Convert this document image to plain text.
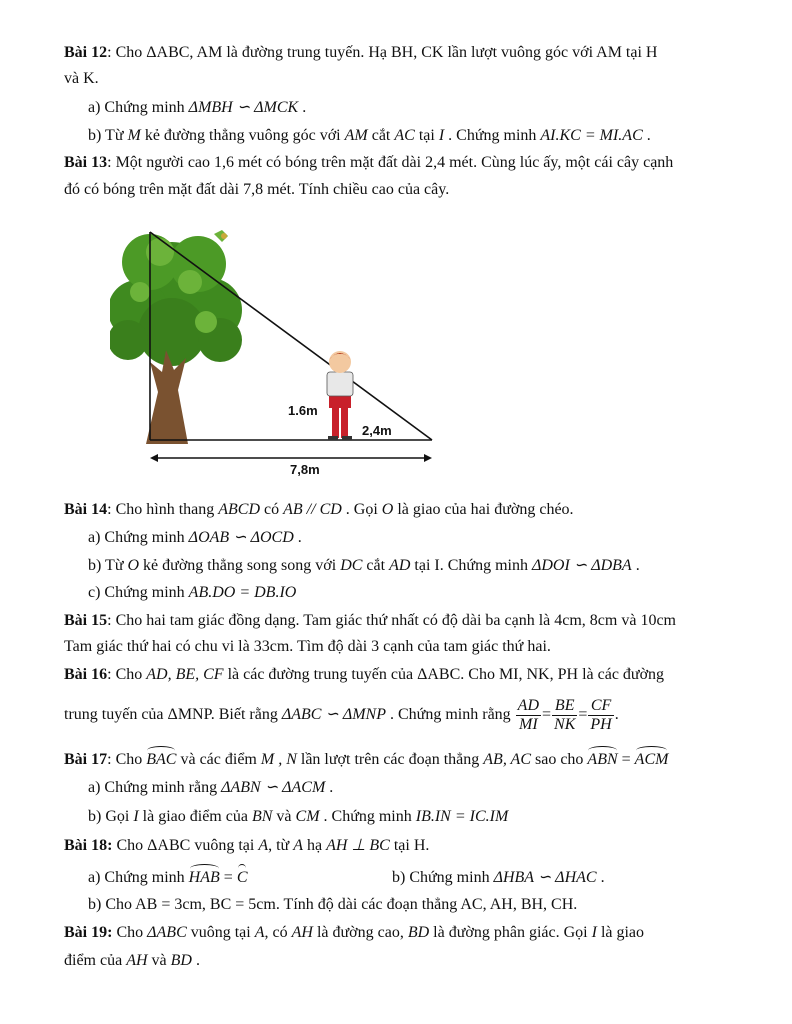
Bài 12: Cho ΔABC, AM là đường trung tuyến. Hạ BH, CK lần lượt vuông góc với AM tại H
và K.
a) Chứng minh ΔMBH ∽ ΔMCK .
b) Từ M kẻ đường thẳng vuông góc với AM cắt AC tại I . Chứng minh AI.KC = MI.AC .
Bài 13: Một người cao 1,6 mét có bóng trên mặt đất dài 2,4 mét. Cùng lúc ấy, một cái cây cạnh
đó có bóng trên mặt đất dài 7,8 mét. Tính chiều cao của cây.
1.6m
2,4m
7,8m
Bài 14: Cho hình thang ABCD có AB // CD . Gọi O là giao của hai đường chéo.
a) Chứng minh ΔOAB ∽ ΔOCD .
b) Từ O kẻ đường thẳng song song với DC cắt AD tại I. Chứng minh ΔDOI ∽ ΔDBA .
c) Chứng minh AB.DO = DB.IO
Bài 15: Cho hai tam giác đồng dạng. Tam giác thứ nhất có độ dài ba cạnh là 4cm, 8cm và 10cm
Tam giác thứ hai có chu vi là 33cm. Tìm độ dài 3 cạnh của tam giác thứ hai.
Bài 16: Cho AD, BE, CF là các đường trung tuyến của ΔABC. Cho MI, NK, PH là các đường
trung tuyến của ΔMNP. Biết rằng ΔABC ∽ ΔMNP . Chứng minh rằng $\frac{AD}{MI} = \frac{BE}{NK} = \frac{CF}{PH}$ .
Bài 17: Cho BAC và các điểm M , N lần lượt trên các đoạn thẳng AB, AC sao cho ABN = ACM
a) Chứng minh rằng ΔABN ∽ ΔACM .
b) Gọi I là giao điểm của BN và CM . Chứng minh IB.IN = IC.IM
Bài 18: Cho ΔABC vuông tại A, từ A hạ AH ⊥ BC tại H.
a) Chứng minh HAB = C	b) Chứng minh ΔHBA ∽ ΔHAC .
b) Cho AB = 3cm, BC = 5cm. Tính độ dài các đoạn thẳng AC, AH, BH, CH.
Bài 19: Cho ΔABC vuông tại A, có AH là đường cao, BD là đường phân giác. Gọi I là giao
điểm của AH và BD .
